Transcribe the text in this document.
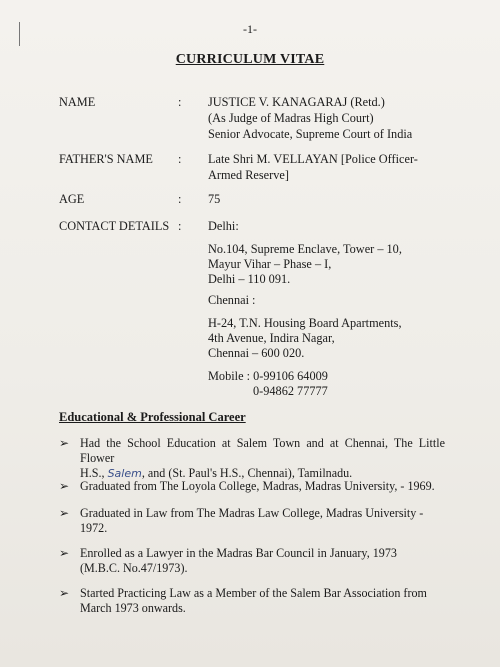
-1-
CURRICULUM VITAE
NAME	: JUSTICE V. KANAGARAJ (Retd.)
(As Judge of Madras High Court)
Senior Advocate, Supreme Court of India
FATHER'S NAME : Late Shri M. VELLAYAN [Police Officer-
Armed Reserve]
AGE	: 75
CONTACT DETAILS : Delhi:
No.104, Supreme Enclave, Tower – 10,
Mayur Vihar – Phase – I,
Delhi – 110 091.
Chennai :
H-24, T.N. Housing Board Apartments,
4th Avenue, Indira Nagar,
Chennai – 600 020.
Mobile : 0-99106 64009
0-94862 77777
Educational & Professional Career
➢ Had the School Education at Salem Town and at Chennai, The Little Flower
H.S., Salem, and (St. Paul's H.S., Chennai), Tamilnadu.
➢ Graduated from The Loyola College, Madras, Madras University, - 1969.
➢ Graduated in Law from The Madras Law College, Madras University -
1972.
➢ Enrolled as a Lawyer in the Madras Bar Council in January, 1973
(M.B.C. No.47/1973).
➢ Started Practicing Law as a Member of the Salem Bar Association from
March 1973 onwards.
